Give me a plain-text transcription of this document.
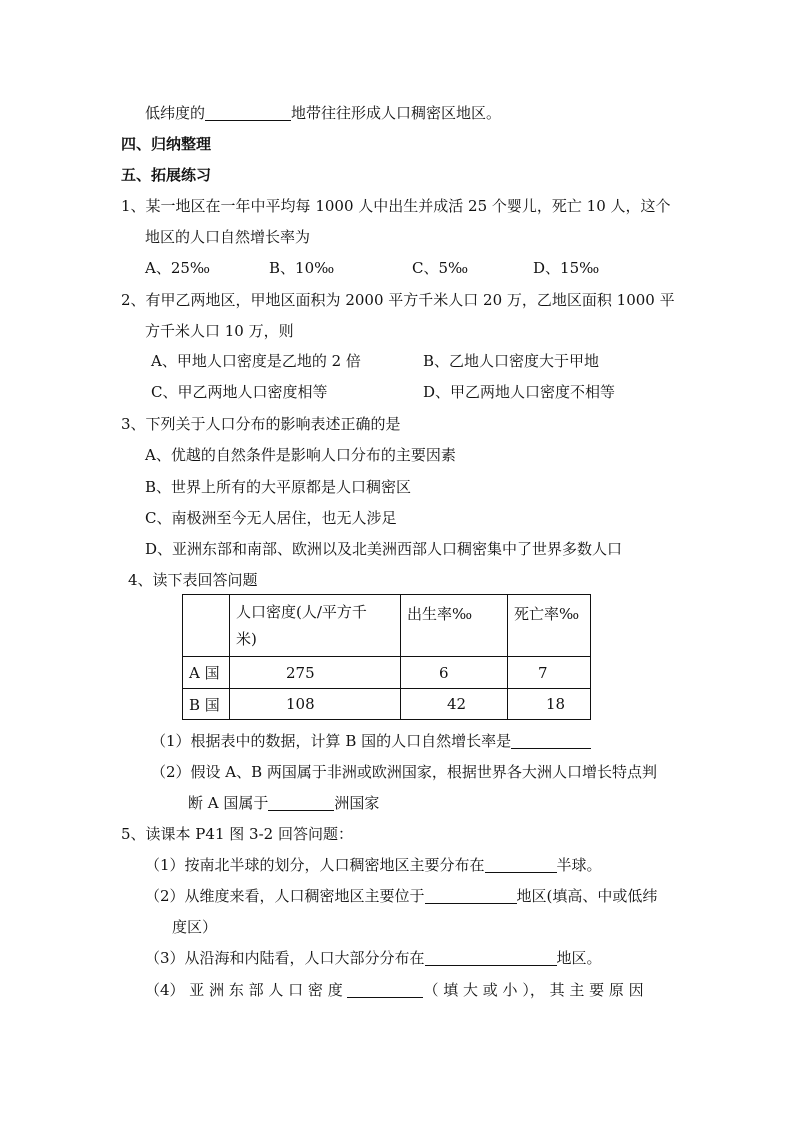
低纬度的	地带往往形成人口稠密区地区。
四、归纳整理
五、拓展练习
1、某一地区在一年中平均每 1000 人中出生并成活 25 个婴儿，死亡 10 人，这个
地区的人口自然增长率为
A、25‰	B、10‰	C、5‰	D、15‰
2、有甲乙两地区，甲地区面积为 2000 平方千米人口 20 万，乙地区面积 1000 平
方千米人口 10 万，则
A、甲地人口密度是乙地的 2 倍	B、乙地人口密度大于甲地
C、甲乙两地人口密度相等	D、甲乙两地人口密度不相等
3、下列关于人口分布的影响表述正确的是
A、优越的自然条件是影响人口分布的主要因素
B、世界上所有的大平原都是人口稠密区
C、南极洲至今无人居住，也无人涉足
D、亚洲东部和南部、欧洲以及北美洲西部人口稠密集中了世界多数人口
4、读下表回答问题

	人口密度(人/平方千
米)	出生率‰	死亡率‰
A 国	275	6	7
B 国	108	42	18
（1）根据表中的数据，计算 B 国的人口自然增长率是
（2）假设 A、B 两国属于非洲或欧洲国家，根据世界各大洲人口增长特点判
断 A 国属于	洲国家
5、读课本 P41 图 3-2 回答问题：
（1）按南北半球的划分，人口稠密地区主要分布在	半球。
（2）从维度来看，人口稠密地区主要位于	地区(填高、中或低纬
度区）
（3）从沿海和内陆看，人口大部分分布在	地区。
（4） 亚 洲 东 部 人 口 密 度	（ 填 大 或 小 ）， 其 主 要 原 因
